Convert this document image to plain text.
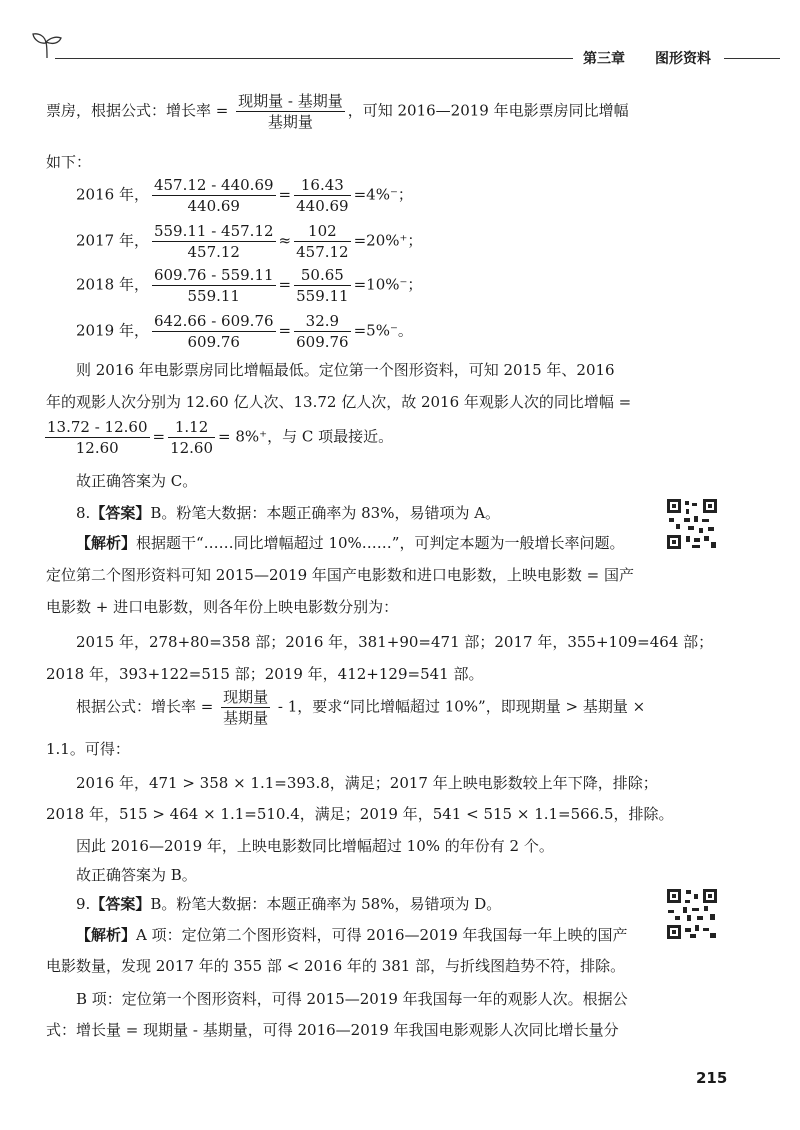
第三章 图形资料
票房，根据公式：增长率 = $\frac{\text{现期量 - 基期量}}{\text{基期量}}$ ，可知 2016—2019 年电影票房同比增幅
如下：
2016 年， $\frac{457.12 - 440.69}{440.69} = \frac{16.43}{440.69} =4\%^-$；
2017 年， $\frac{559.11 - 457.12}{457.12} \approx \frac{102}{457.12} =20\%^+$；
2018 年， $\frac{609.76 - 559.11}{559.11} = \frac{50.65}{559.11} =10\%^-$；
2019 年， $\frac{642.66 - 609.76}{609.76} = \frac{32.9}{609.76} =5\%^-$。
则 2016 年电影票房同比增幅最低。定位第一个图形资料，可知 2015 年、2016
年的观影人次分别为 12.60 亿人次、13.72 亿人次，故 2016 年观影人次的同比增幅 =
$\frac{13.72 - 12.60}{12.60} = \frac{1.12}{12.60} = 8\%^+$，与 C 项最接近。
故正确答案为 C。
8.【答案】B。粉笔大数据：本题正确率为 83%，易错项为 A。
【解析】根据题干“……同比增幅超过 10%……”，可判定本题为一般增长率问题。
定位第二个图形资料可知 2015—2019 年国产电影数和进口电影数，上映电影数 = 国产
电影数 + 进口电影数，则各年份上映电影数分别为：
2015 年，278+80=358 部；2016 年，381+90=471 部；2017 年，355+109=464 部；
2018 年，393+122=515 部；2019 年，412+129=541 部。
根据公式：增长率 = $\frac{\text{现期量}}{\text{基期量}} - 1$，要求“同比增幅超过 10%”，即现期量 > 基期量 ×
1.1。可得：
2016 年，471 > 358 × 1.1=393.8，满足；2017 年上映电影数较上年下降，排除；
2018 年，515 > 464 × 1.1=510.4，满足；2019 年，541 < 515 × 1.1=566.5，排除。
因此 2016—2019 年，上映电影数同比增幅超过 10% 的年份有 2 个。
故正确答案为 B。
9.【答案】B。粉笔大数据：本题正确率为 58%，易错项为 D。
【解析】A 项：定位第二个图形资料，可得 2016—2019 年我国每一年上映的国产
电影数量，发现 2017 年的 355 部 < 2016 年的 381 部，与折线图趋势不符，排除。
B 项：定位第一个图形资料，可得 2015—2019 年我国每一年的观影人次。根据公
式：增长量 = 现期量 - 基期量，可得 2016—2019 年我国电影观影人次同比增长量分
215
